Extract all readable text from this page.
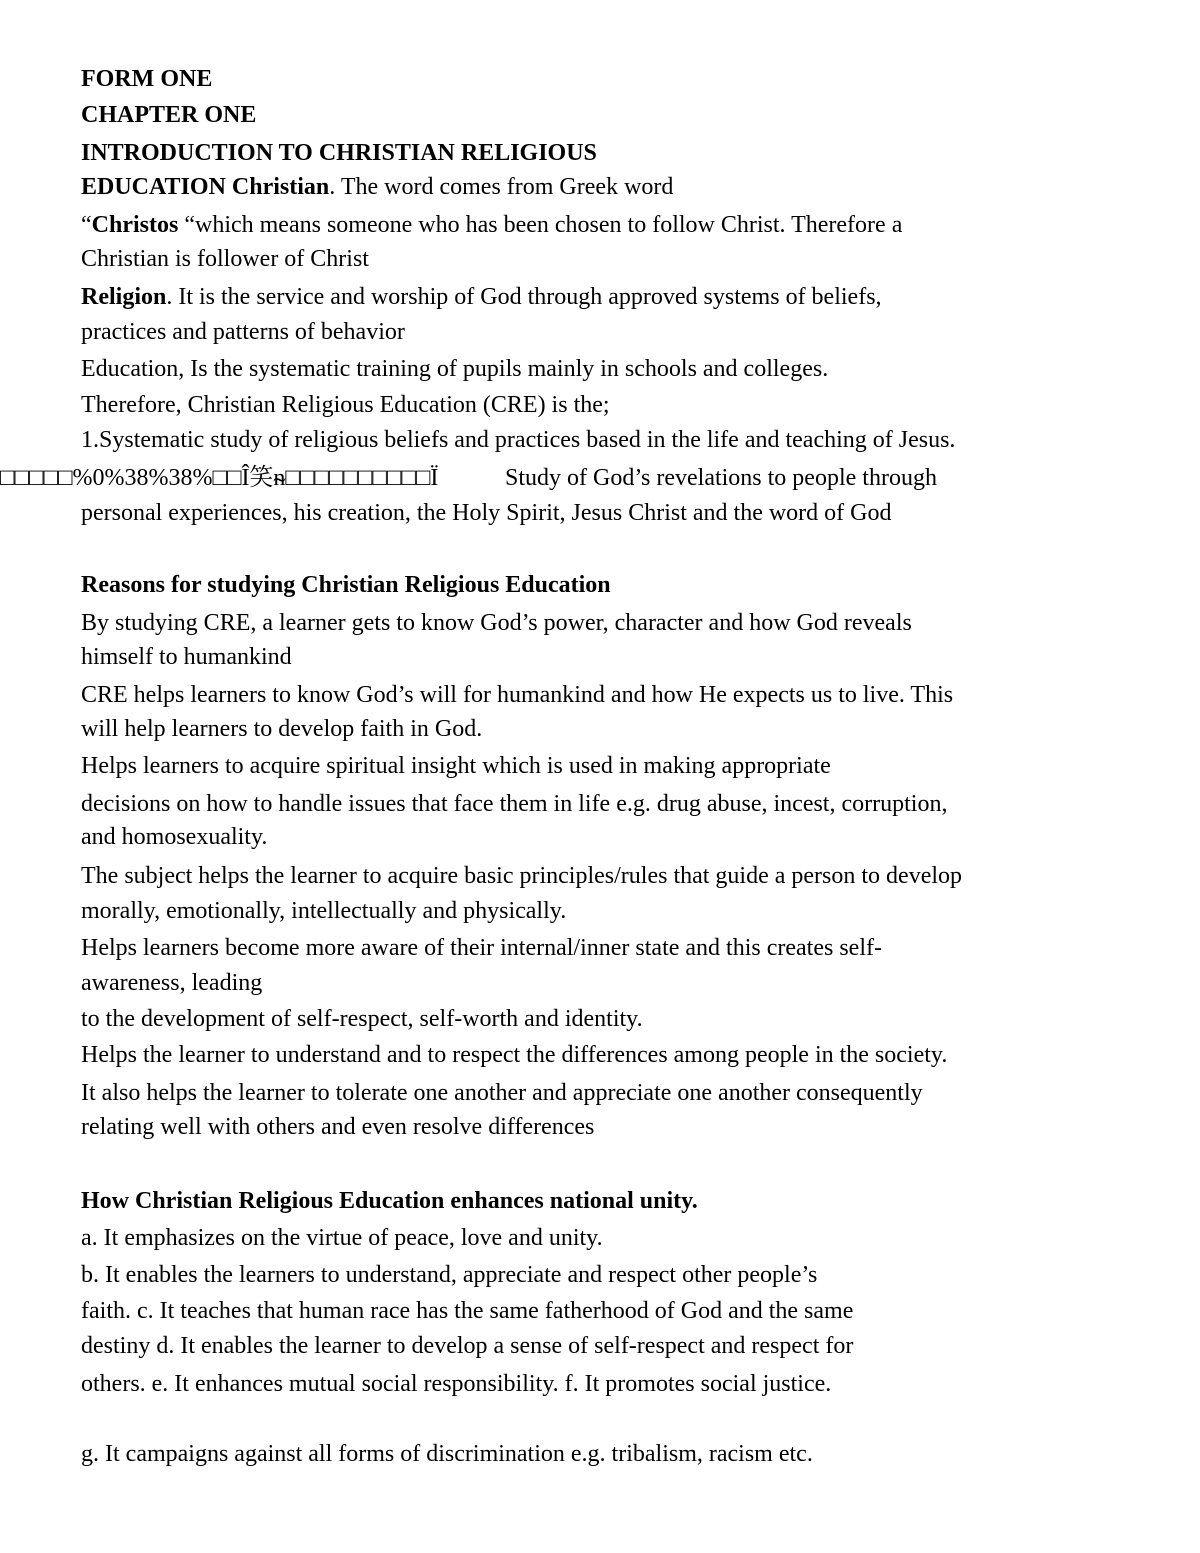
FORM ONE
CHAPTER ONE
INTRODUCTION TO CHRISTIAN RELIGIOUS
EDUCATION Christian. The word comes from Greek word
“Christos “which means someone who has been chosen to follow Christ. Therefore a
Christian is follower of Christ
Religion. It is the service and worship of God through approved systems of beliefs,
practices and patterns of behavior
Education, Is the systematic training of pupils mainly in schools and colleges.
Therefore, Christian Religious Education (CRE) is the;
1.Systematic study of religious beliefs and practices based in the life and teaching of Jesus.
□□□□□%0%38%38%□□Î笑ᵰ□□□□□□□□□□Ï	Study of God’s revelations to people through
personal experiences, his creation, the Holy Spirit, Jesus Christ and the word of God
Reasons for studying Christian Religious Education
By studying CRE, a learner gets to know God’s power, character and how God reveals
himself to humankind
CRE helps learners to know God’s will for humankind and how He expects us to live. This
will help learners to develop faith in God.
Helps learners to acquire spiritual insight which is used in making appropriate
decisions on how to handle issues that face them in life e.g. drug abuse, incest, corruption,
and homosexuality.
The subject helps the learner to acquire basic principles/rules that guide a person to develop
morally, emotionally, intellectually and physically.
Helps learners become more aware of their internal/inner state and this creates self-
awareness, leading
to the development of self-respect, self-worth and identity.
Helps the learner to understand and to respect the differences among people in the society.
It also helps the learner to tolerate one another and appreciate one another consequently
relating well with others and even resolve differences
How Christian Religious Education enhances national unity.
a. It emphasizes on the virtue of peace, love and unity.
b. It enables the learners to understand, appreciate and respect other people’s
faith. c. It teaches that human race has the same fatherhood of God and the same
destiny d. It enables the learner to develop a sense of self-respect and respect for
others. e. It enhances mutual social responsibility. f. It promotes social justice.
g. It campaigns against all forms of discrimination e.g. tribalism, racism etc.
